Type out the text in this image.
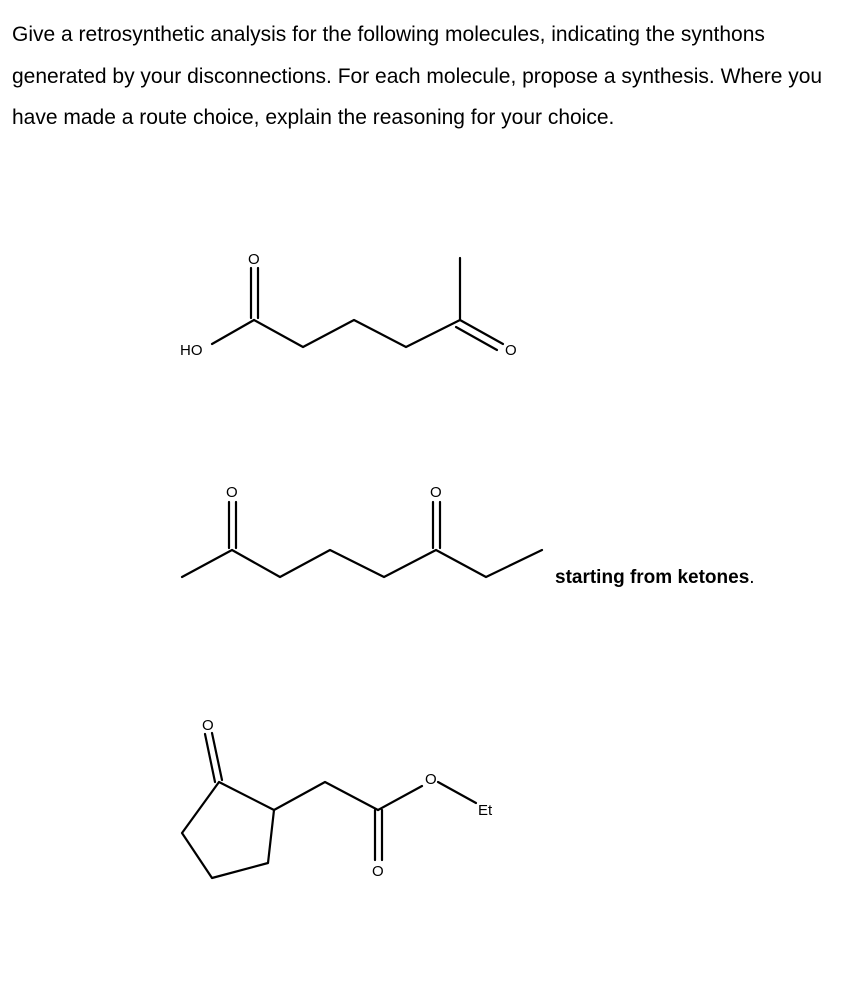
Give a retrosynthetic analysis for the following molecules, indicating the synthons generated by your disconnections. For each molecule, propose a synthesis. Where you have made a route choice, explain the reasoning for your choice.

HO
O
O
O	O
starting from ketones.
O
O
O
Et
